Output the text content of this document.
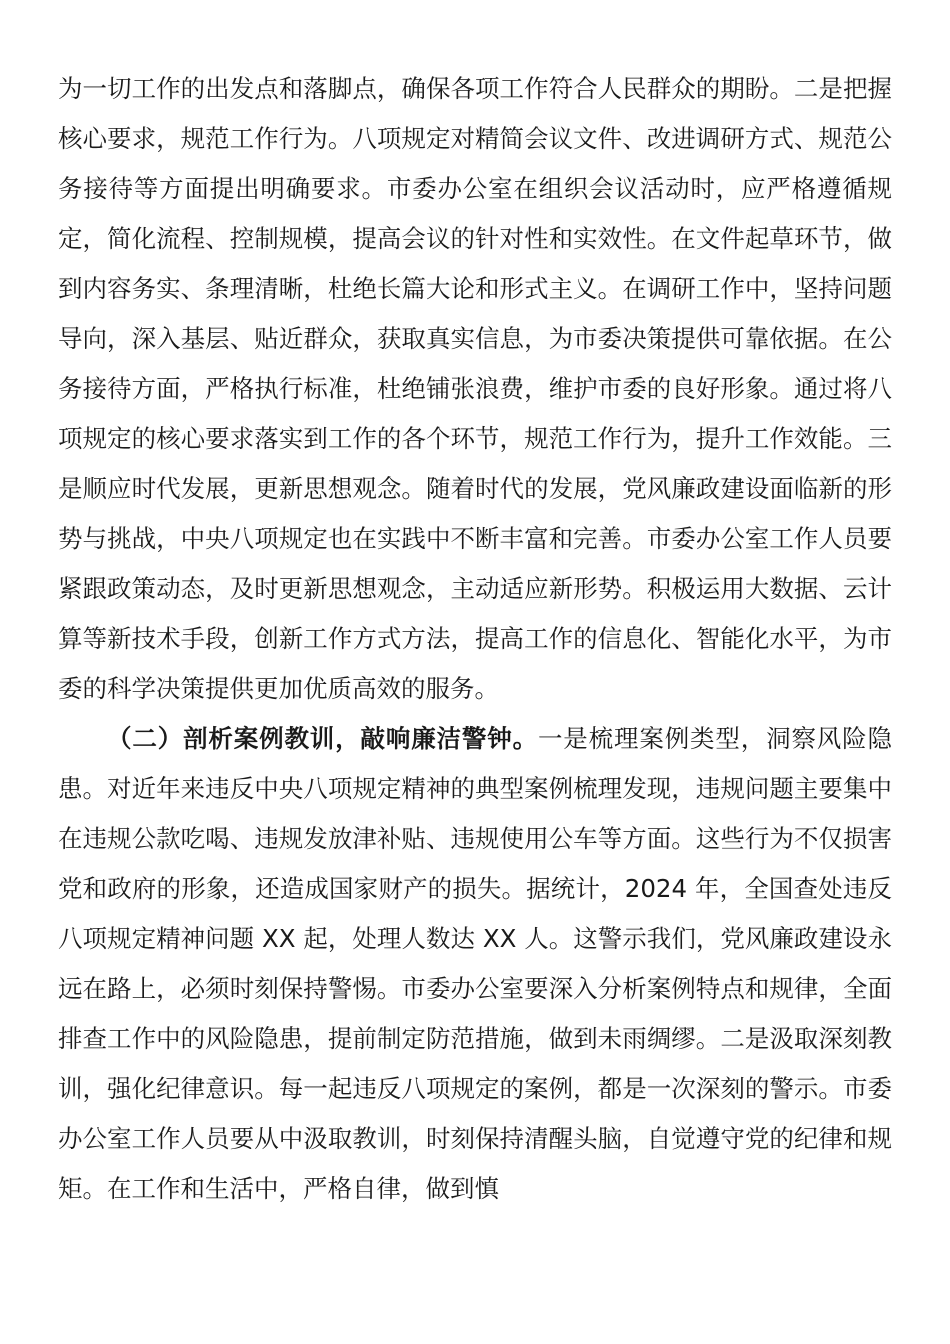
为一切工作的出发点和落脚点，确保各项工作符合人民群众的期盼。二是把握核心要求，规范工作行为。八项规定对精简会议文件、改进调研方式、规范公务接待等方面提出明确要求。市委办公室在组织会议活动时，应严格遵循规定，简化流程、控制规模，提高会议的针对性和实效性。在文件起草环节，做到内容务实、条理清晰，杜绝长篇大论和形式主义。在调研工作中，坚持问题导向，深入基层、贴近群众，获取真实信息，为市委决策提供可靠依据。在公务接待方面，严格执行标准，杜绝铺张浪费，维护市委的良好形象。通过将八项规定的核心要求落实到工作的各个环节，规范工作行为，提升工作效能。三是顺应时代发展，更新思想观念。随着时代的发展，党风廉政建设面临新的形势与挑战，中央八项规定也在实践中不断丰富和完善。市委办公室工作人员要紧跟政策动态，及时更新思想观念，主动适应新形势。积极运用大数据、云计算等新技术手段，创新工作方式方法，提高工作的信息化、智能化水平，为市委的科学决策提供更加优质高效的服务。

（二）剖析案例教训，敲响廉洁警钟。一是梳理案例类型，洞察风险隐患。对近年来违反中央八项规定精神的典型案例梳理发现，违规问题主要集中在违规公款吃喝、违规发放津补贴、违规使用公车等方面。这些行为不仅损害党和政府的形象，还造成国家财产的损失。据统计，2024 年，全国查处违反八项规定精神问题 XX 起，处理人数达 XX 人。这警示我们，党风廉政建设永远在路上，必须时刻保持警惕。市委办公室要深入分析案例特点和规律，全面排查工作中的风险隐患，提前制定防范措施，做到未雨绸缪。二是汲取深刻教训，强化纪律意识。每一起违反八项规定的案例，都是一次深刻的警示。市委办公室工作人员要从中汲取教训，时刻保持清醒头脑，自觉遵守党的纪律和规矩。在工作和生活中，严格自律，做到慎
